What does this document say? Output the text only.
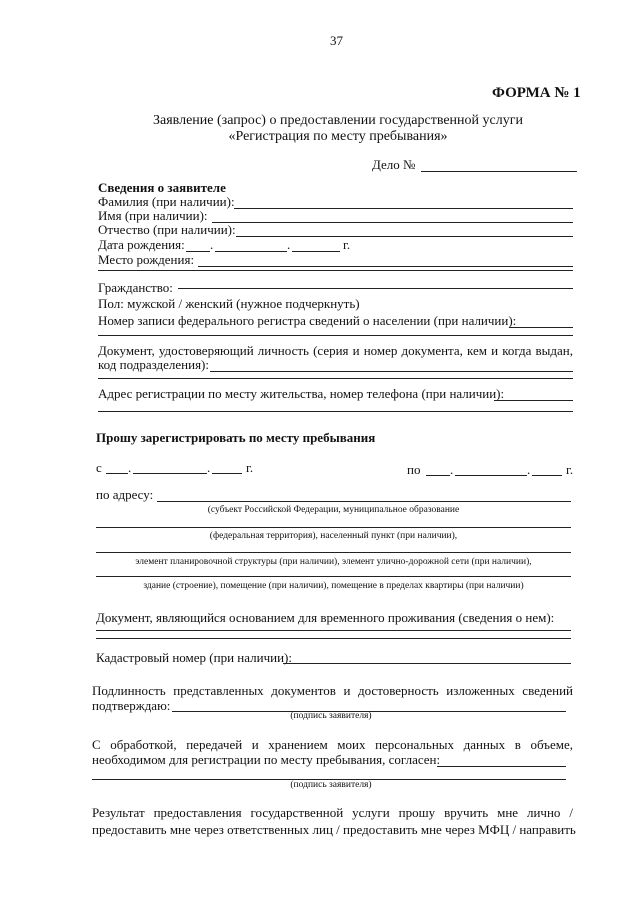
37
ФОРМА № 1
Заявление (запрос) о предоставлении государственной услуги
«Регистрация по месту пребывания»
Дело №
Сведения о заявителе
Фамилия (при наличии):
Имя (при наличии):
Отчество (при наличии):
Дата рождения: .	.	г.
Место рождения:
Гражданство:
Пол: мужской / женский (нужное подчеркнуть)
Номер записи федерального регистра сведений о населении (при наличии):
Документ, удостоверяющий личность (серия и номер документа, кем и когда выдан,
код подразделения):
Адрес регистрации по месту жительства, номер телефона (при наличии):
Прошу зарегистрировать по месту пребывания
с .	.	г.	по .	.	г.
по адресу:
(субъект Российской Федерации, муниципальное образование
(федеральная территория), населенный пункт (при наличии),
элемент планировочной структуры (при наличии), элемент улично-дорожной сети (при наличии),
здание (строение), помещение (при наличии), помещение в пределах квартиры (при наличии)
Документ, являющийся основанием для временного проживания (сведения о нем):
Кадастровый номер (при наличии):
Подлинность представленных документов и достоверность изложенных сведений
подтверждаю:
(подпись заявителя)
С обработкой, передачей и хранением моих персональных данных в объеме,
необходимом для регистрации по месту пребывания, согласен:
(подпись заявителя)
Результат предоставления государственной услуги прошу вручить мне лично /
предоставить мне через ответственных лиц / предоставить мне через МФЦ / направить
